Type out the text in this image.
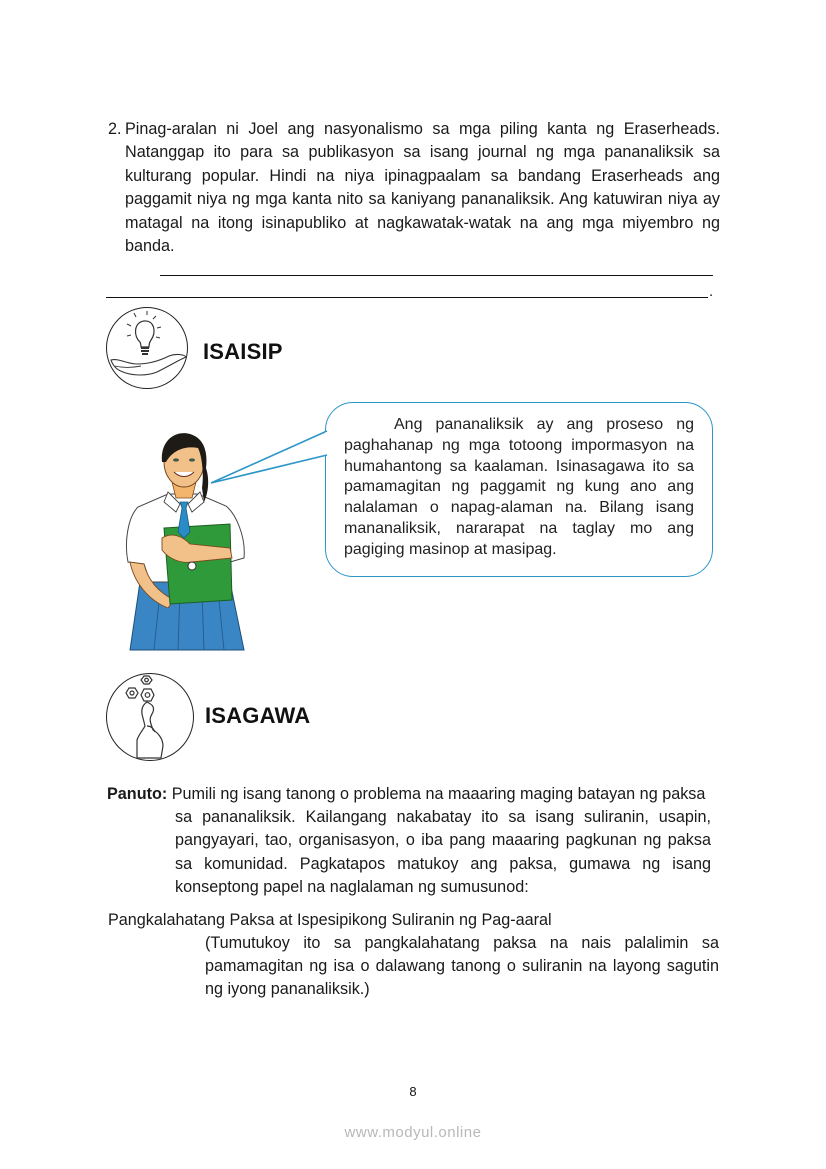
2. Pinag-aralan ni Joel ang nasyonalismo sa mga piling kanta ng Eraserheads. Natanggap ito para sa publikasyon sa isang journal ng mga pananaliksik sa kulturang popular. Hindi na niya ipinagpaalam sa bandang Eraserheads ang paggamit niya ng mga kanta nito sa kaniyang pananaliksik. Ang katuwiran niya ay matagal na itong isinapubliko at nagkawatak-watak na ang mga miyembro ng banda.
.
ISAISIP
Ang pananaliksik ay ang proseso ng paghahanap ng mga totoong impormasyon na humahantong sa kaalaman. Isinasagawa ito sa pamamagitan ng paggamit ng kung ano ang nalalaman o napag-alaman na. Bilang isang mananaliksik, nararapat na taglay mo ang pagiging masinop at masipag.
ISAGAWA
Panuto: Pumili ng isang tanong o problema na maaaring maging batayan ng paksa
sa pananaliksik. Kailangang nakabatay ito sa isang suliranin, usapin, pangyayari, tao, organisasyon, o iba pang maaaring pagkunan ng paksa sa komunidad. Pagkatapos matukoy ang paksa, gumawa ng isang konseptong papel na naglalaman ng sumusunod:
Pangkalahatang Paksa at Ispesipikong Suliranin ng Pag-aaral
(Tumutukoy ito sa pangkalahatang paksa na nais palalimin sa pamamagitan ng isa o dalawang tanong o suliranin na layong sagutin ng iyong pananaliksik.)
8
www.modyul.online
